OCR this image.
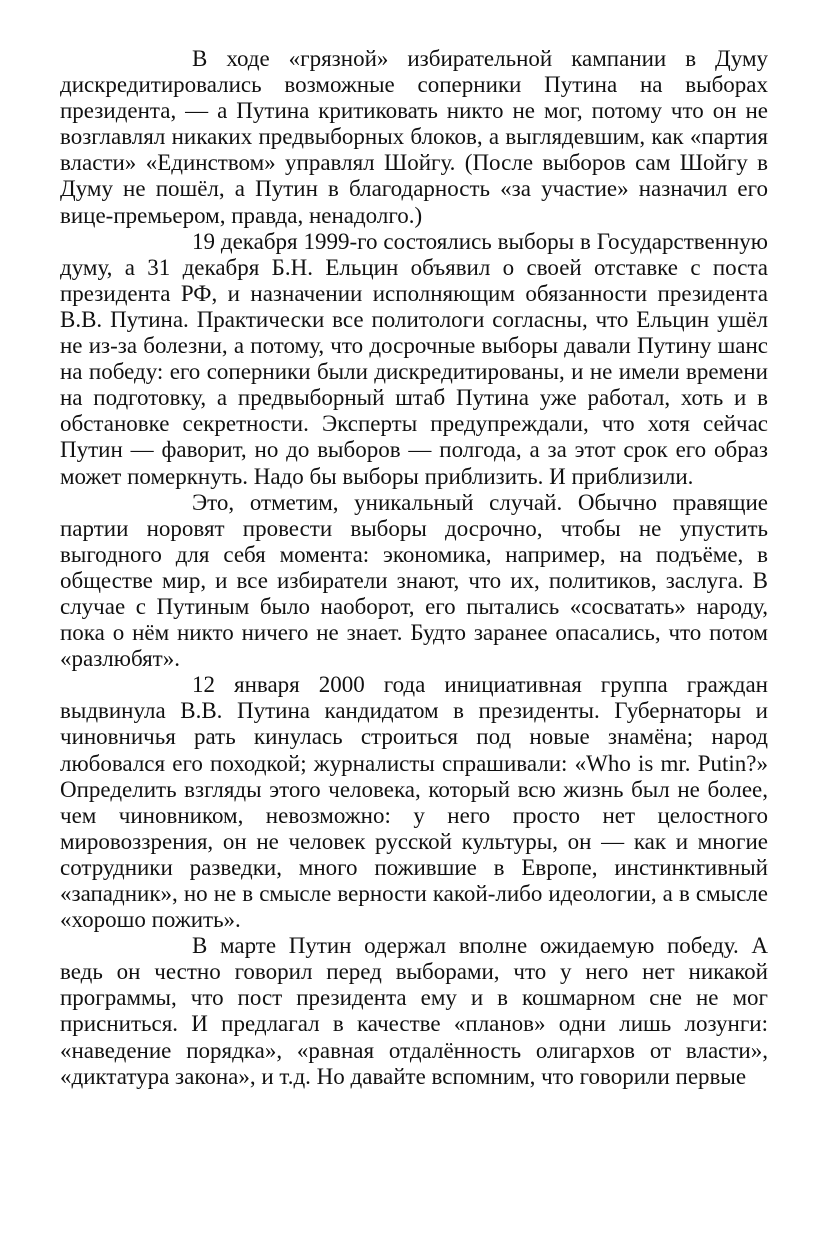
В ходе «грязной» избирательной кампании в Думу дискредитировались возможные соперники Путина на выборах президента, — а Путина критиковать никто не мог, потому что он не возглавлял никаких предвыборных блоков, а выглядевшим, как «партия власти» «Единством» управлял Шойгу. (После выборов сам Шойгу в Думу не пошёл, а Путин в благодарность «за участие» назначил его вице-премьером, правда, ненадолго.)

19 декабря 1999-го состоялись выборы в Государственную думу, а 31 декабря Б.Н. Ельцин объявил о своей отставке с поста президента РФ, и назначении исполняющим обязанности президента В.В. Путина. Практически все политологи согласны, что Ельцин ушёл не из-за болезни, а потому, что досрочные выборы давали Путину шанс на победу: его соперники были дискредитированы, и не имели времени на подготовку, а предвыборный штаб Путина уже работал, хоть и в обстановке секретности. Эксперты предупреждали, что хотя сейчас Путин — фаворит, но до выборов — полгода, а за этот срок его образ может померкнуть. Надо бы выборы приблизить. И приблизили.

Это, отметим, уникальный случай. Обычно правящие партии норовят провести выборы досрочно, чтобы не упустить выгодного для себя момента: экономика, например, на подъёме, в обществе мир, и все избиратели знают, что их, политиков, заслуга. В случае с Путиным было наоборот, его пытались «сосватать» народу, пока о нём никто ничего не знает. Будто заранее опасались, что потом «разлюбят».

12 января 2000 года инициативная группа граждан выдвинула В.В. Путина кандидатом в президенты. Губернаторы и чиновничья рать кинулась строиться под новые знамёна; народ любовался его походкой; журналисты спрашивали: «Who is mr. Putin?» Определить взгляды этого человека, который всю жизнь был не более, чем чиновником, невозможно: у него просто нет целостного мировоззрения, он не человек русской культуры, он — как и многие сотрудники разведки, много пожившие в Европе, инстинктивный «западник», но не в смысле верности какой-либо идеологии, а в смысле «хорошо пожить».

В марте Путин одержал вполне ожидаемую победу. А ведь он честно говорил перед выборами, что у него нет никакой программы, что пост президента ему и в кошмарном сне не мог присниться. И предлагал в качестве «планов» одни лишь лозунги: «наведение порядка», «равная отдалённость олигархов от власти», «диктатура закона», и т.д. Но давайте вспомним, что говорили первые
